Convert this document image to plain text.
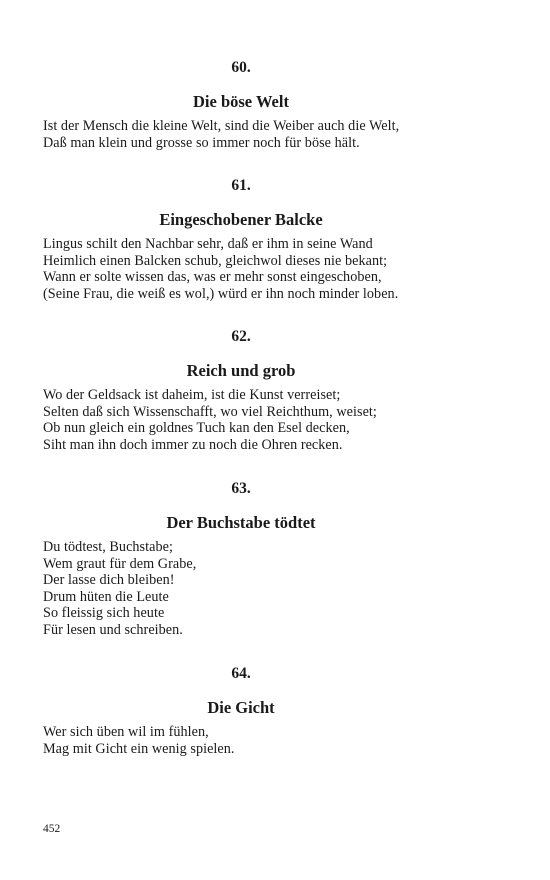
60.
Die böse Welt
Ist der Mensch die kleine Welt, sind die Weiber auch die Welt,
Daß man klein und grosse so immer noch für böse hält.
61.
Eingeschobener Balcke
Lingus schilt den Nachbar sehr, daß er ihm in seine Wand
Heimlich einen Balcken schub, gleichwol dieses nie bekant;
Wann er solte wissen das, was er mehr sonst eingeschoben,
(Seine Frau, die weiß es wol,) würd er ihn noch minder loben.
62.
Reich und grob
Wo der Geldsack ist daheim, ist die Kunst verreiset;
Selten daß sich Wissenschafft, wo viel Reichthum, weiset;
Ob nun gleich ein goldnes Tuch kan den Esel decken,
Siht man ihn doch immer zu noch die Ohren recken.
63.
Der Buchstabe tödtet
Du tödtest, Buchstabe;
Wem graut für dem Grabe,
Der lasse dich bleiben!
Drum hüten die Leute
So fleissig sich heute
Für lesen und schreiben.
64.
Die Gicht
Wer sich üben wil im fühlen,
Mag mit Gicht ein wenig spielen.
452
